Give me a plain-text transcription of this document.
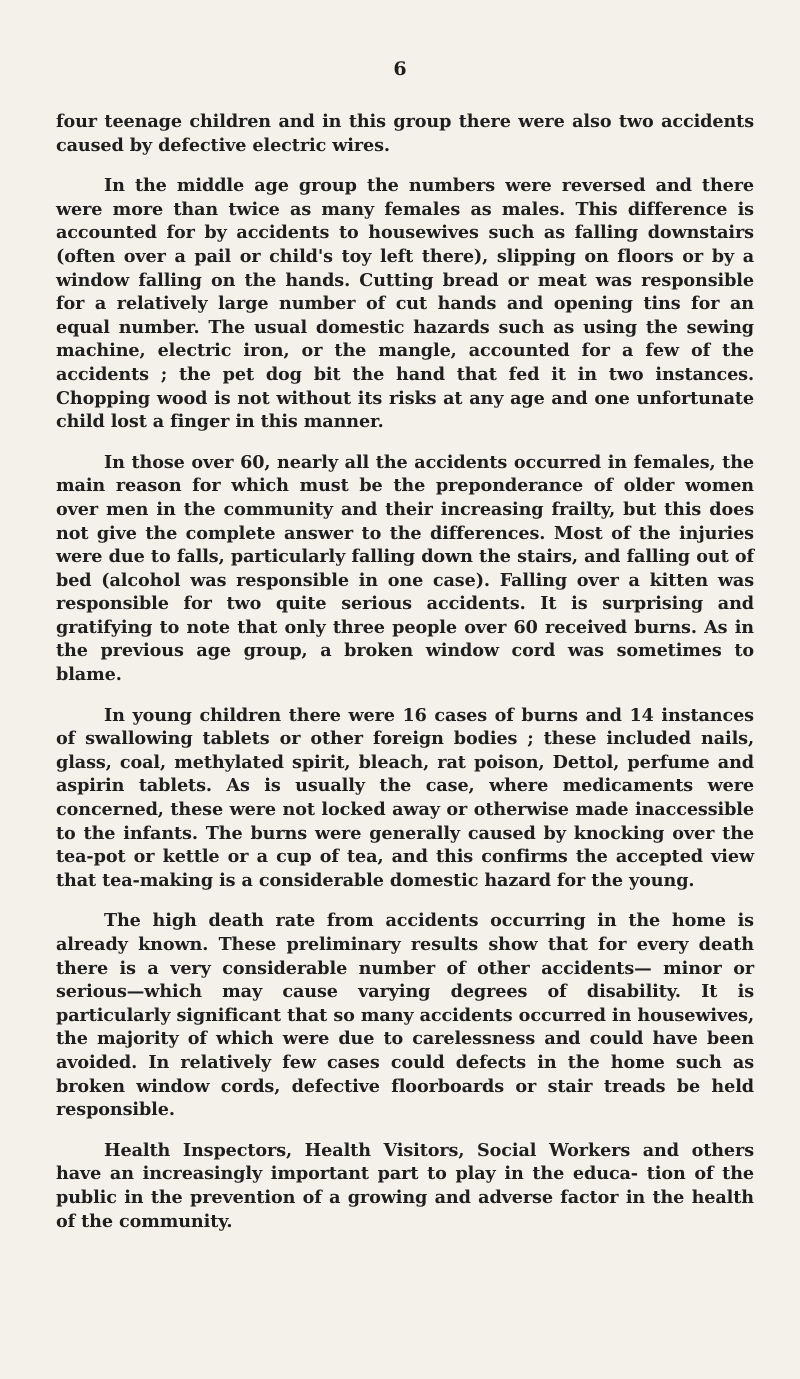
6

four teenage children and in this group there were also two accidents caused by defective electric wires.

In the middle age group the numbers were reversed and there were more than twice as many females as males. This difference is accounted for by accidents to housewives such as falling downstairs (often over a pail or child's toy left there), slipping on floors or by a window falling on the hands. Cutting bread or meat was responsible for a relatively large number of cut hands and opening tins for an equal number. The usual domestic hazards such as using the sewing machine, electric iron, or the mangle, accounted for a few of the accidents ; the pet dog bit the hand that fed it in two instances. Chopping wood is not without its risks at any age and one unfortunate child lost a finger in this manner.

In those over 60, nearly all the accidents occurred in females, the main reason for which must be the preponderance of older women over men in the community and their increasing frailty, but this does not give the complete answer to the differences. Most of the injuries were due to falls, particularly falling down the stairs, and falling out of bed (alcohol was responsible in one case). Falling over a kitten was responsible for two quite serious accidents. It is surprising and gratifying to note that only three people over 60 received burns. As in the previous age group, a broken window cord was sometimes to blame.

In young children there were 16 cases of burns and 14 instances of swallowing tablets or other foreign bodies ; these included nails, glass, coal, methylated spirit, bleach, rat poison, Dettol, perfume and aspirin tablets. As is usually the case, where medicaments were concerned, these were not locked away or otherwise made inaccessible to the infants. The burns were generally caused by knocking over the tea-pot or kettle or a cup of tea, and this confirms the accepted view that tea-making is a considerable domestic hazard for the young.

The high death rate from accidents occurring in the home is already known. These preliminary results show that for every death there is a very considerable number of other accidents— minor or serious—which may cause varying degrees of disability. It is particularly significant that so many accidents occurred in housewives, the majority of which were due to carelessness and could have been avoided. In relatively few cases could defects in the home such as broken window cords, defective floorboards or stair treads be held responsible.

Health Inspectors, Health Visitors, Social Workers and others have an increasingly important part to play in the educa- tion of the public in the prevention of a growing and adverse factor in the health of the community.
